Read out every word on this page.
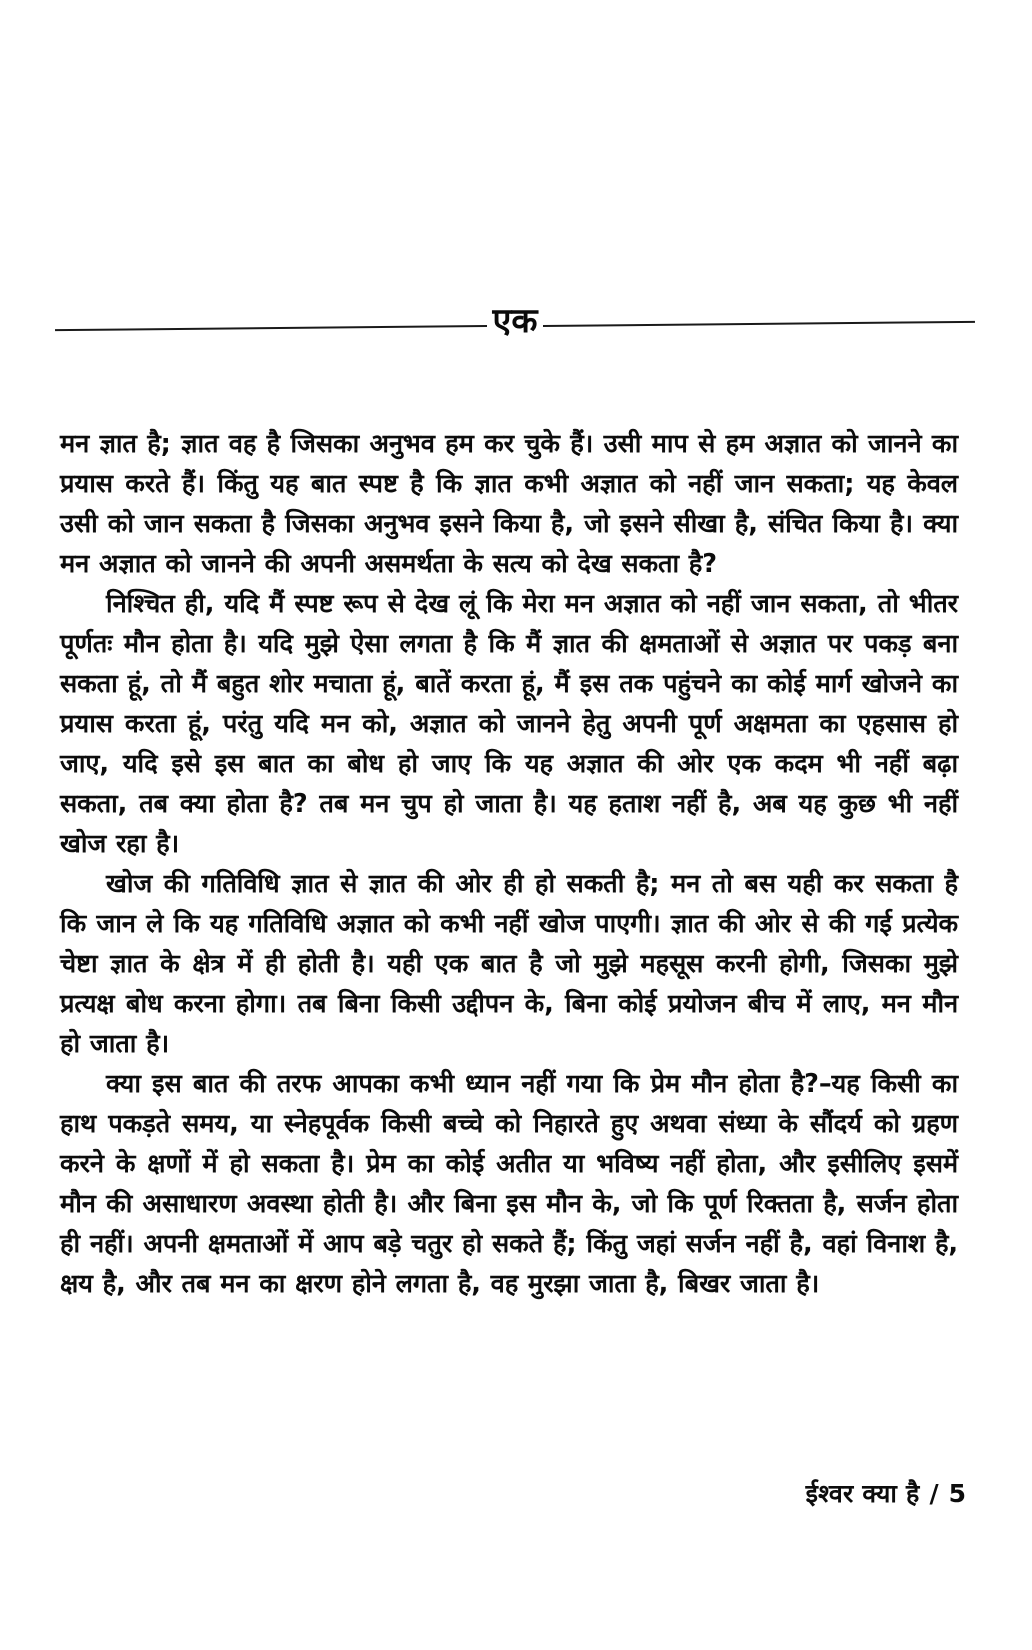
एक

मन ज्ञात है; ज्ञात वह है जिसका अनुभव हम कर चुके हैं। उसी माप से हम अज्ञात को जानने का प्रयास करते हैं। किंतु यह बात स्पष्ट है कि ज्ञात कभी अज्ञात को नहीं जान सकता; यह केवल उसी को जान सकता है जिसका अनुभव इसने किया है, जो इसने सीखा है, संचित किया है। क्या मन अज्ञात को जानने की अपनी असमर्थता के सत्य को देख सकता है?

निश्चित ही, यदि मैं स्पष्ट रूप से देख लूं कि मेरा मन अज्ञात को नहीं जान सकता, तो भीतर पूर्णतः मौन होता है। यदि मुझे ऐसा लगता है कि मैं ज्ञात की क्षमताओं से अज्ञात पर पकड़ बना सकता हूं, तो मैं बहुत शोर मचाता हूं, बातें करता हूं, मैं इस तक पहुंचने का कोई मार्ग खोजने का प्रयास करता हूं, परंतु यदि मन को, अज्ञात को जानने हेतु अपनी पूर्ण अक्षमता का एहसास हो जाए, यदि इसे इस बात का बोध हो जाए कि यह अज्ञात की ओर एक कदम भी नहीं बढ़ा सकता, तब क्या होता है? तब मन चुप हो जाता है। यह हताश नहीं है, अब यह कुछ भी नहीं खोज रहा है।

खोज की गतिविधि ज्ञात से ज्ञात की ओर ही हो सकती है; मन तो बस यही कर सकता है कि जान ले कि यह गतिविधि अज्ञात को कभी नहीं खोज पाएगी। ज्ञात की ओर से की गई प्रत्येक चेष्टा ज्ञात के क्षेत्र में ही होती है। यही एक बात है जो मुझे महसूस करनी होगी, जिसका मुझे प्रत्यक्ष बोध करना होगा। तब बिना किसी उद्दीपन के, बिना कोई प्रयोजन बीच में लाए, मन मौन हो जाता है।

क्या इस बात की तरफ आपका कभी ध्यान नहीं गया कि प्रेम मौन होता है?–यह किसी का हाथ पकड़ते समय, या स्नेहपूर्वक किसी बच्चे को निहारते हुए अथवा संध्या के सौंदर्य को ग्रहण करने के क्षणों में हो सकता है। प्रेम का कोई अतीत या भविष्य नहीं होता, और इसीलिए इसमें मौन की असाधारण अवस्था होती है। और बिना इस मौन के, जो कि पूर्ण रिक्तता है, सर्जन होता ही नहीं। अपनी क्षमताओं में आप बड़े चतुर हो सकते हैं; किंतु जहां सर्जन नहीं है, वहां विनाश है, क्षय है, और तब मन का क्षरण होने लगता है, वह मुरझा जाता है, बिखर जाता है।

ईश्वर क्या है / 5
